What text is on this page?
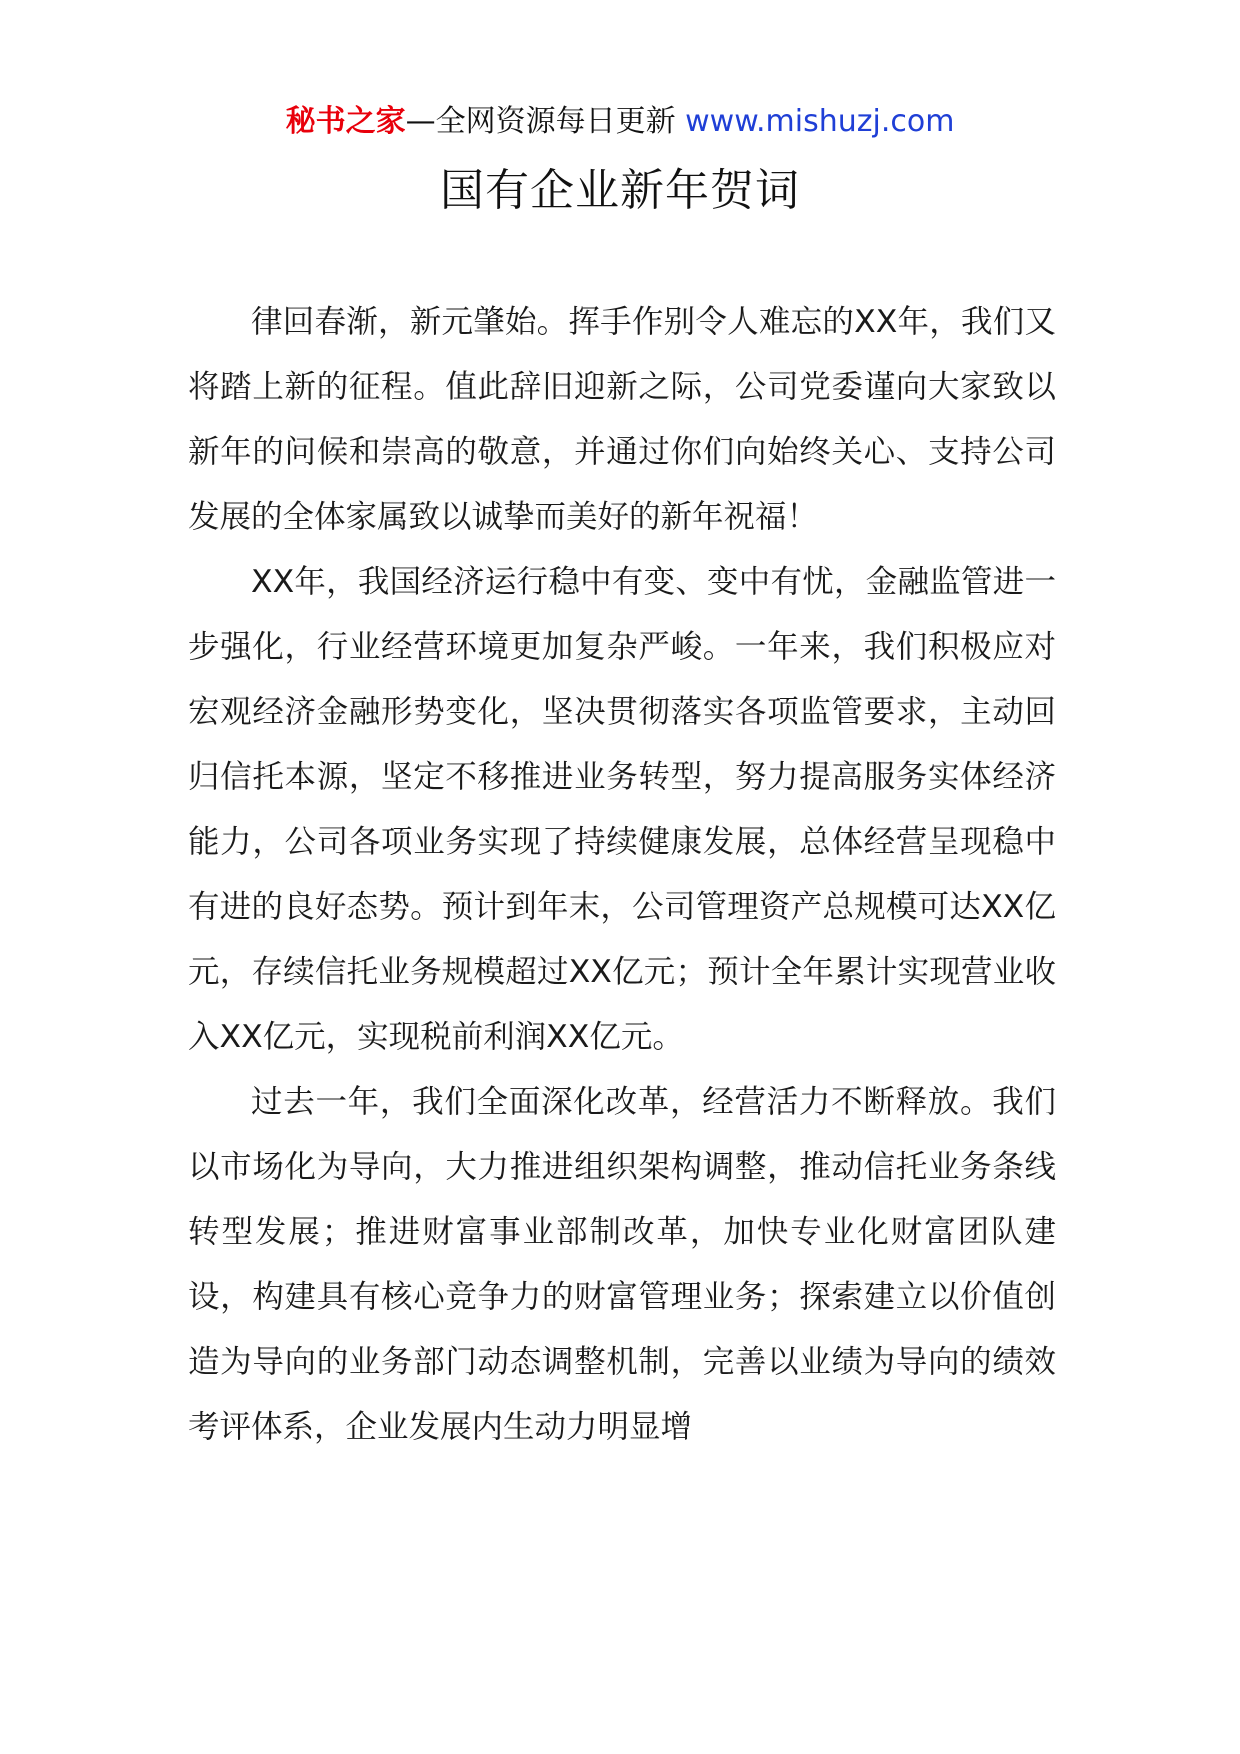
秘书之家—全网资源每日更新 www.mishuzj.com
国有企业新年贺词

律回春渐，新元肇始。挥手作别令人难忘的XX年，我们又将踏上新的征程。值此辞旧迎新之际，公司党委谨向大家致以新年的问候和崇高的敬意，并通过你们向始终关心、支持公司发展的全体家属致以诚挚而美好的新年祝福！

XX年，我国经济运行稳中有变、变中有忧，金融监管进一步强化，行业经营环境更加复杂严峻。一年来，我们积极应对宏观经济金融形势变化，坚决贯彻落实各项监管要求，主动回归信托本源，坚定不移推进业务转型，努力提高服务实体经济能力，公司各项业务实现了持续健康发展，总体经营呈现稳中有进的良好态势。预计到年末，公司管理资产总规模可达XX亿元，存续信托业务规模超过XX亿元；预计全年累计实现营业收入XX亿元，实现税前利润XX亿元。

过去一年，我们全面深化改革，经营活力不断释放。我们以市场化为导向，大力推进组织架构调整，推动信托业务条线转型发展；推进财富事业部制改革，加快专业化财富团队建设，构建具有核心竞争力的财富管理业务；探索建立以价值创造为导向的业务部门动态调整机制，完善以业绩为导向的绩效考评体系，企业发展内生动力明显增
